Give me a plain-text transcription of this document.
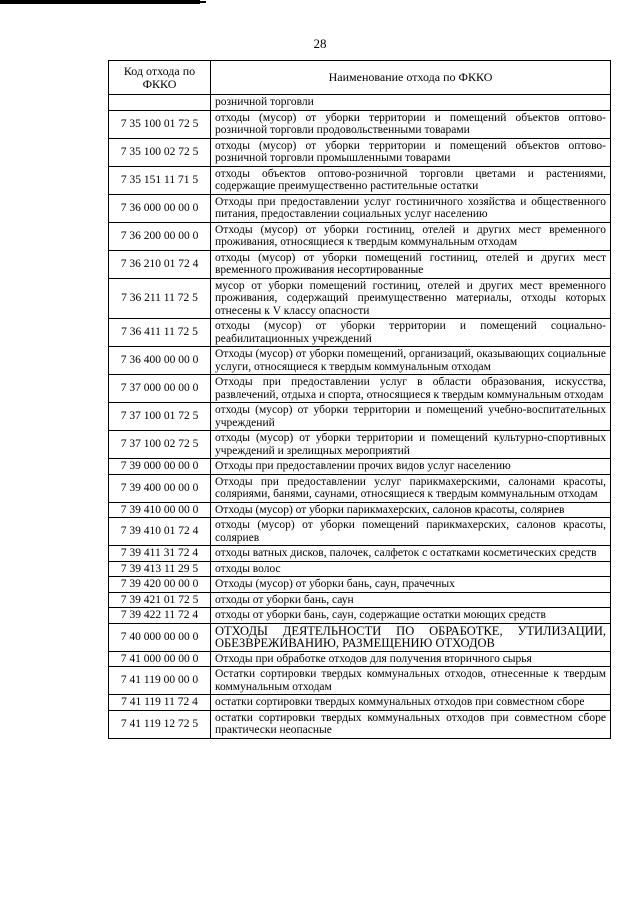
28
Код отхода по ФККО	Наименование отхода по ФККО
	розничной торговли
7 35 100 01 72 5	отходы (мусор) от уборки территории и помещений объектов оптово-розничной торговли продовольственными товарами
7 35 100 02 72 5	отходы (мусор) от уборки территории и помещений объектов оптово-розничной торговли промышленными товарами
7 35 151 11 71 5	отходы объектов оптово-розничной торговли цветами и растениями, содержащие преимущественно растительные остатки
7 36 000 00 00 0	Отходы при предоставлении услуг гостиничного хозяйства и общественного питания, предоставлении социальных услуг населению
7 36 200 00 00 0	Отходы (мусор) от уборки гостиниц, отелей и других мест временного проживания, относящиеся к твердым коммунальным отходам
7 36 210 01 72 4	отходы (мусор) от уборки помещений гостиниц, отелей и других мест временного проживания несортированные
7 36 211 11 72 5	мусор от уборки помещений гостиниц, отелей и других мест временного проживания, содержащий преимущественно материалы, отходы которых отнесены к V классу опасности
7 36 411 11 72 5	отходы (мусор) от уборки территории и помещений социально-реабилитационных учреждений
7 36 400 00 00 0	Отходы (мусор) от уборки помещений, организаций, оказывающих социальные услуги, относящиеся к твердым коммунальным отходам
7 37 000 00 00 0	Отходы при предоставлении услуг в области образования, искусства, развлечений, отдыха и спорта, относящиеся к твердым коммунальным отходам
7 37 100 01 72 5	отходы (мусор) от уборки территории и помещений учебно-воспитательных учреждений
7 37 100 02 72 5	отходы (мусор) от уборки территории и помещений культурно-спортивных учреждений и зрелищных мероприятий
7 39 000 00 00 0	Отходы при предоставлении прочих видов услуг населению
7 39 400 00 00 0	Отходы при предоставлении услуг парикмахерскими, салонами красоты, соляриями, банями, саунами, относящиеся к твердым коммунальным отходам
7 39 410 00 00 0	Отходы (мусор) от уборки парикмахерских, салонов красоты, соляриев
7 39 410 01 72 4	отходы (мусор) от уборки помещений парикмахерских, салонов красоты, соляриев
7 39 411 31 72 4	отходы ватных дисков, палочек, салфеток с остатками косметических средств
7 39 413 11 29 5	отходы волос
7 39 420 00 00 0	Отходы (мусор) от уборки бань, саун, прачечных
7 39 421 01 72 5	отходы от уборки бань, саун
7 39 422 11 72 4	отходы от уборки бань, саун, содержащие остатки моющих средств
7 40 000 00 00 0	ОТХОДЫ ДЕЯТЕЛЬНОСТИ ПО ОБРАБОТКЕ, УТИЛИЗАЦИИ, ОБЕЗВРЕЖИВАНИЮ, РАЗМЕЩЕНИЮ ОТХОДОВ
7 41 000 00 00 0	Отходы при обработке отходов для получения вторичного сырья
7 41 119 00 00 0	Остатки сортировки твердых коммунальных отходов, отнесенные к твердым коммунальным отходам
7 41 119 11 72 4	остатки сортировки твердых коммунальных отходов при совместном сборе
7 41 119 12 72 5	остатки сортировки твердых коммунальных отходов при совместном сборе практически неопасные
